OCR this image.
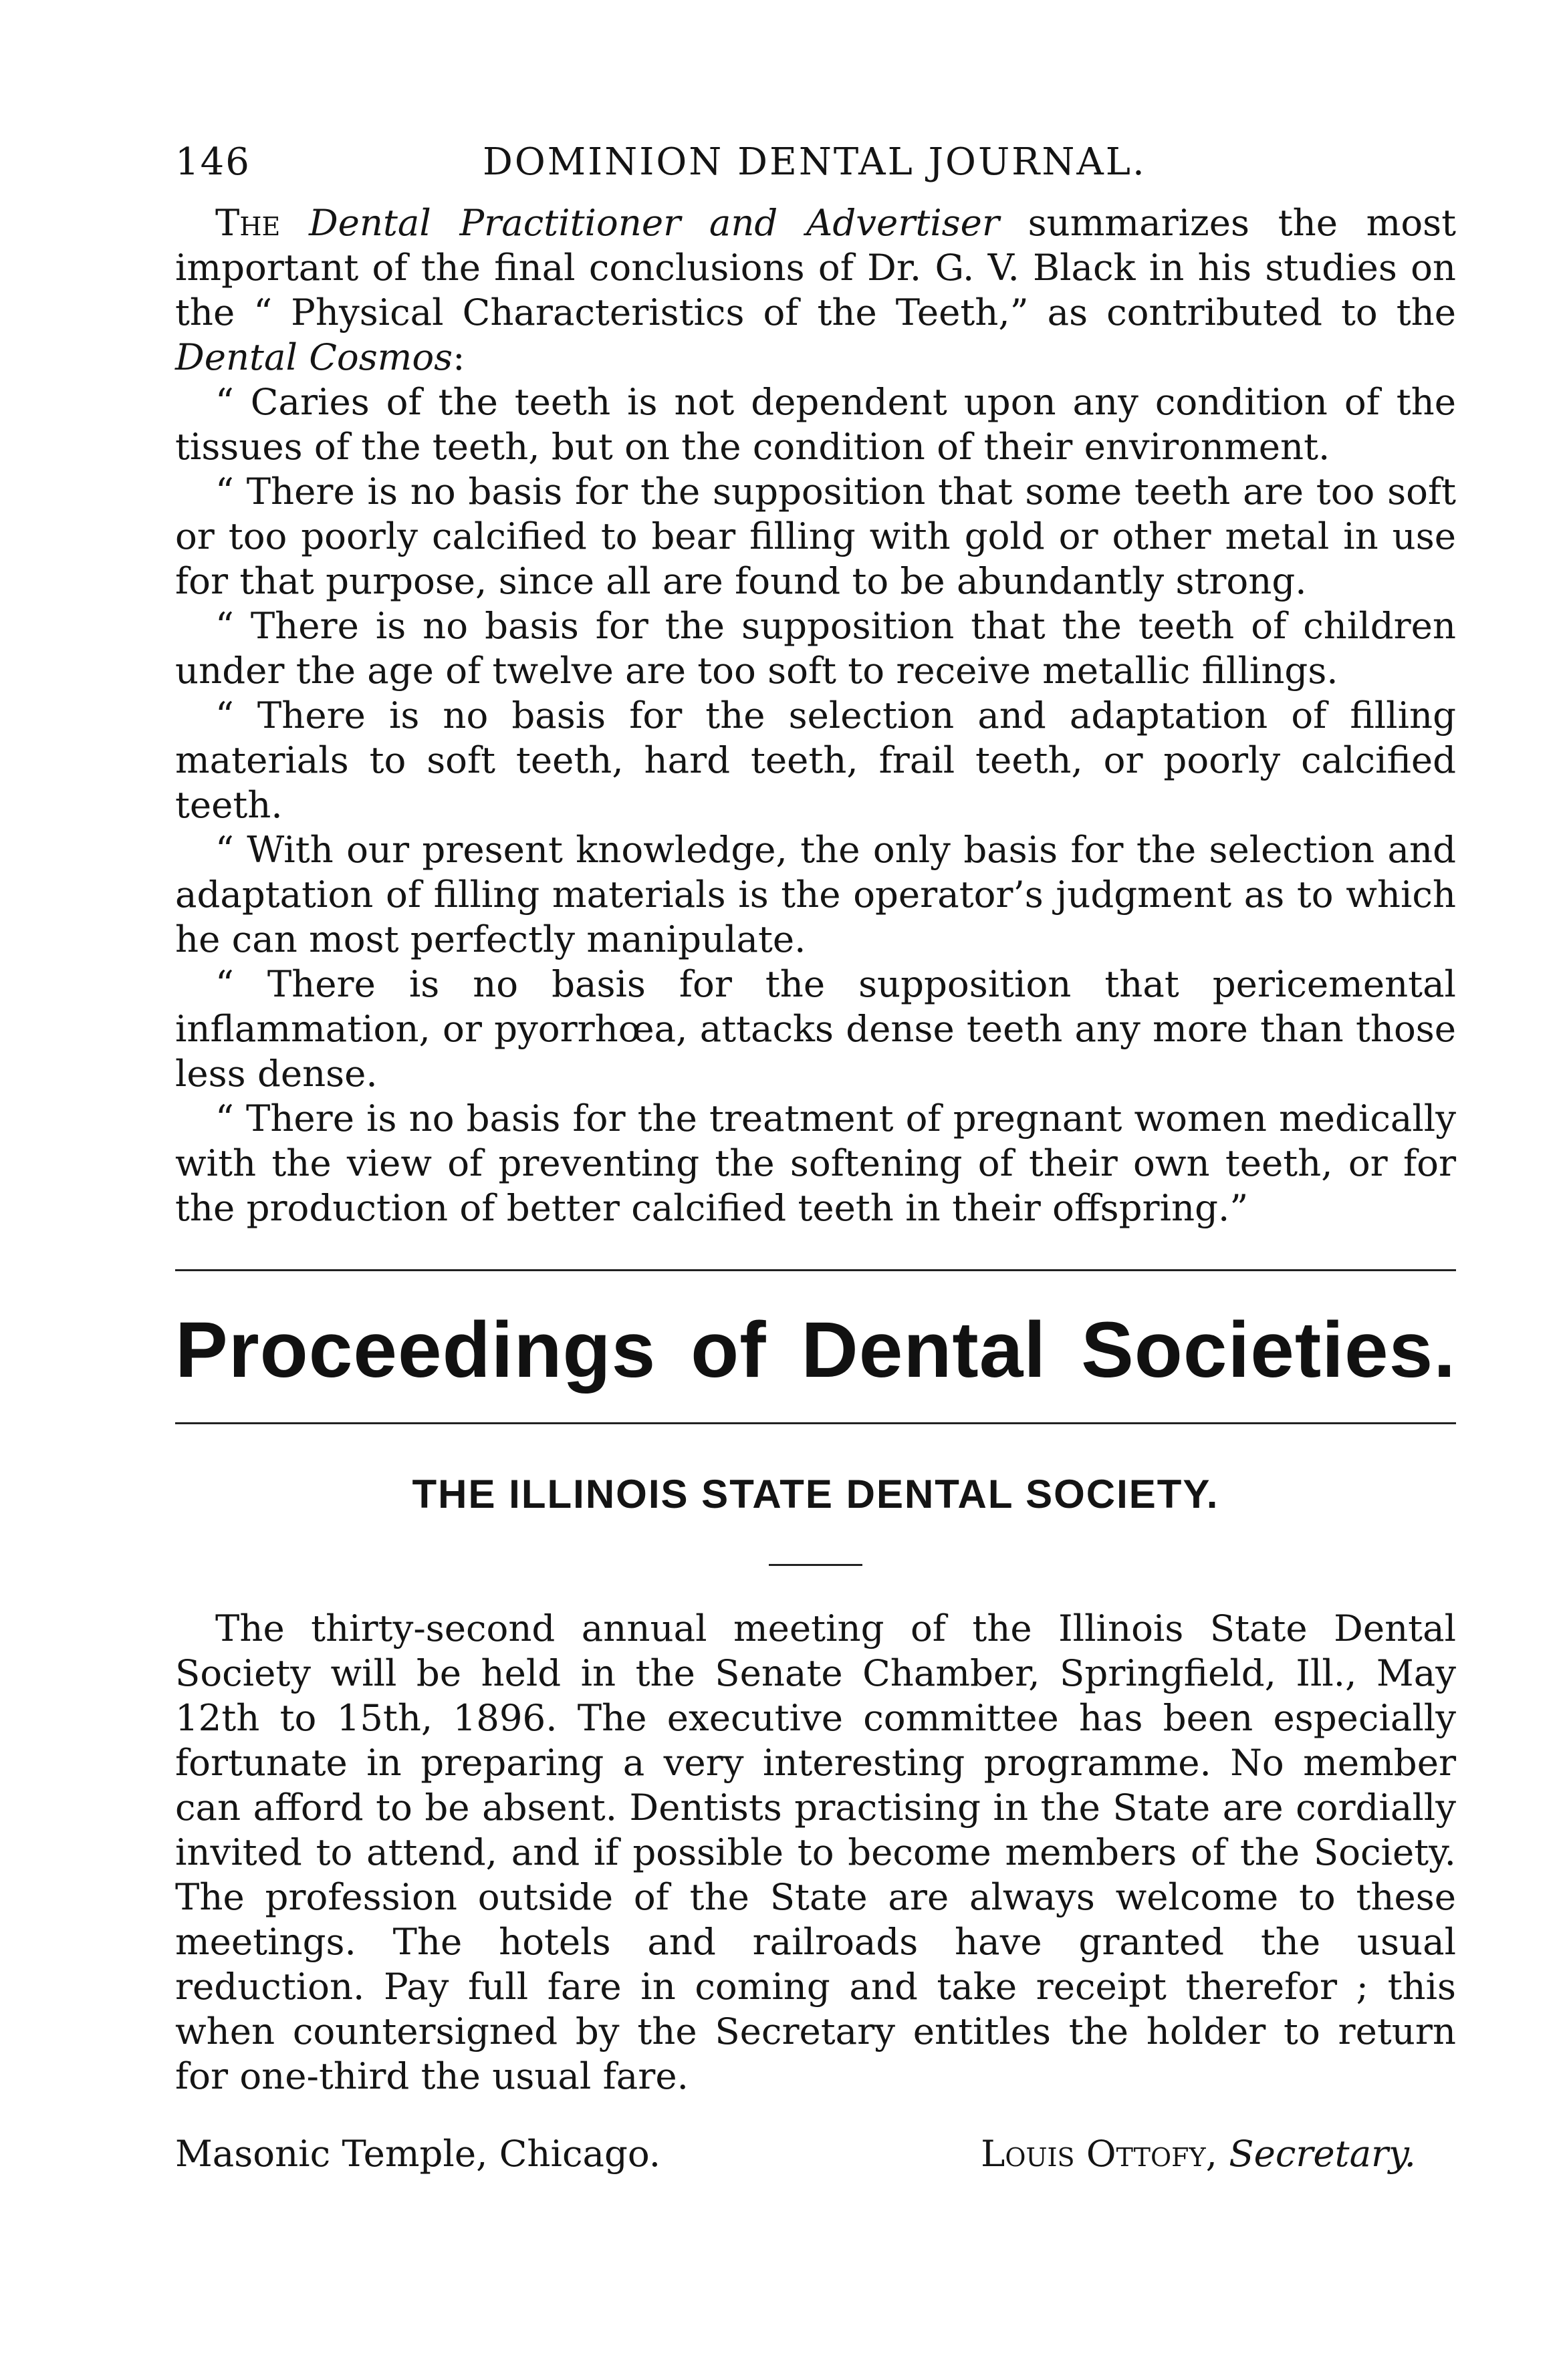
146	DOMINION DENTAL JOURNAL.

The Dental Practitioner and Advertiser summarizes the most important of the final conclusions of Dr. G. V. Black in his studies on the “ Physical Characteristics of the Teeth,” as contributed to the Dental Cosmos:

“ Caries of the teeth is not dependent upon any condition of the tissues of the teeth, but on the condition of their environment.

“ There is no basis for the supposition that some teeth are too soft or too poorly calcified to bear filling with gold or other metal in use for that purpose, since all are found to be abundantly strong.

“ There is no basis for the supposition that the teeth of children under the age of twelve are too soft to receive metallic fillings.

“ There is no basis for the selection and adaptation of filling materials to soft teeth, hard teeth, frail teeth, or poorly calcified teeth.

“ With our present knowledge, the only basis for the selection and adaptation of filling materials is the operator’s judgment as to which he can most perfectly manipulate.

“ There is no basis for the supposition that pericemental inflammation, or pyorrhœa, attacks dense teeth any more than those less dense.

“ There is no basis for the treatment of pregnant women medically with the view of preventing the softening of their own teeth, or for the production of better calcified teeth in their offspring.”

Proceedings of Dental Societies.
THE ILLINOIS STATE DENTAL SOCIETY.

The thirty-second annual meeting of the Illinois State Dental Society will be held in the Senate Chamber, Springfield, Ill., May 12th to 15th, 1896. The executive committee has been especially fortunate in preparing a very interesting programme. No member can afford to be absent. Dentists practising in the State are cordially invited to attend, and if possible to become members of the Society. The profession outside of the State are always welcome to these meetings. The hotels and railroads have granted the usual reduction. Pay full fare in coming and take receipt therefor ; this when countersigned by the Secretary entitles the holder to return for one-third the usual fare.

Masonic Temple, Chicago.	Louis Ottofy, Secretary.
